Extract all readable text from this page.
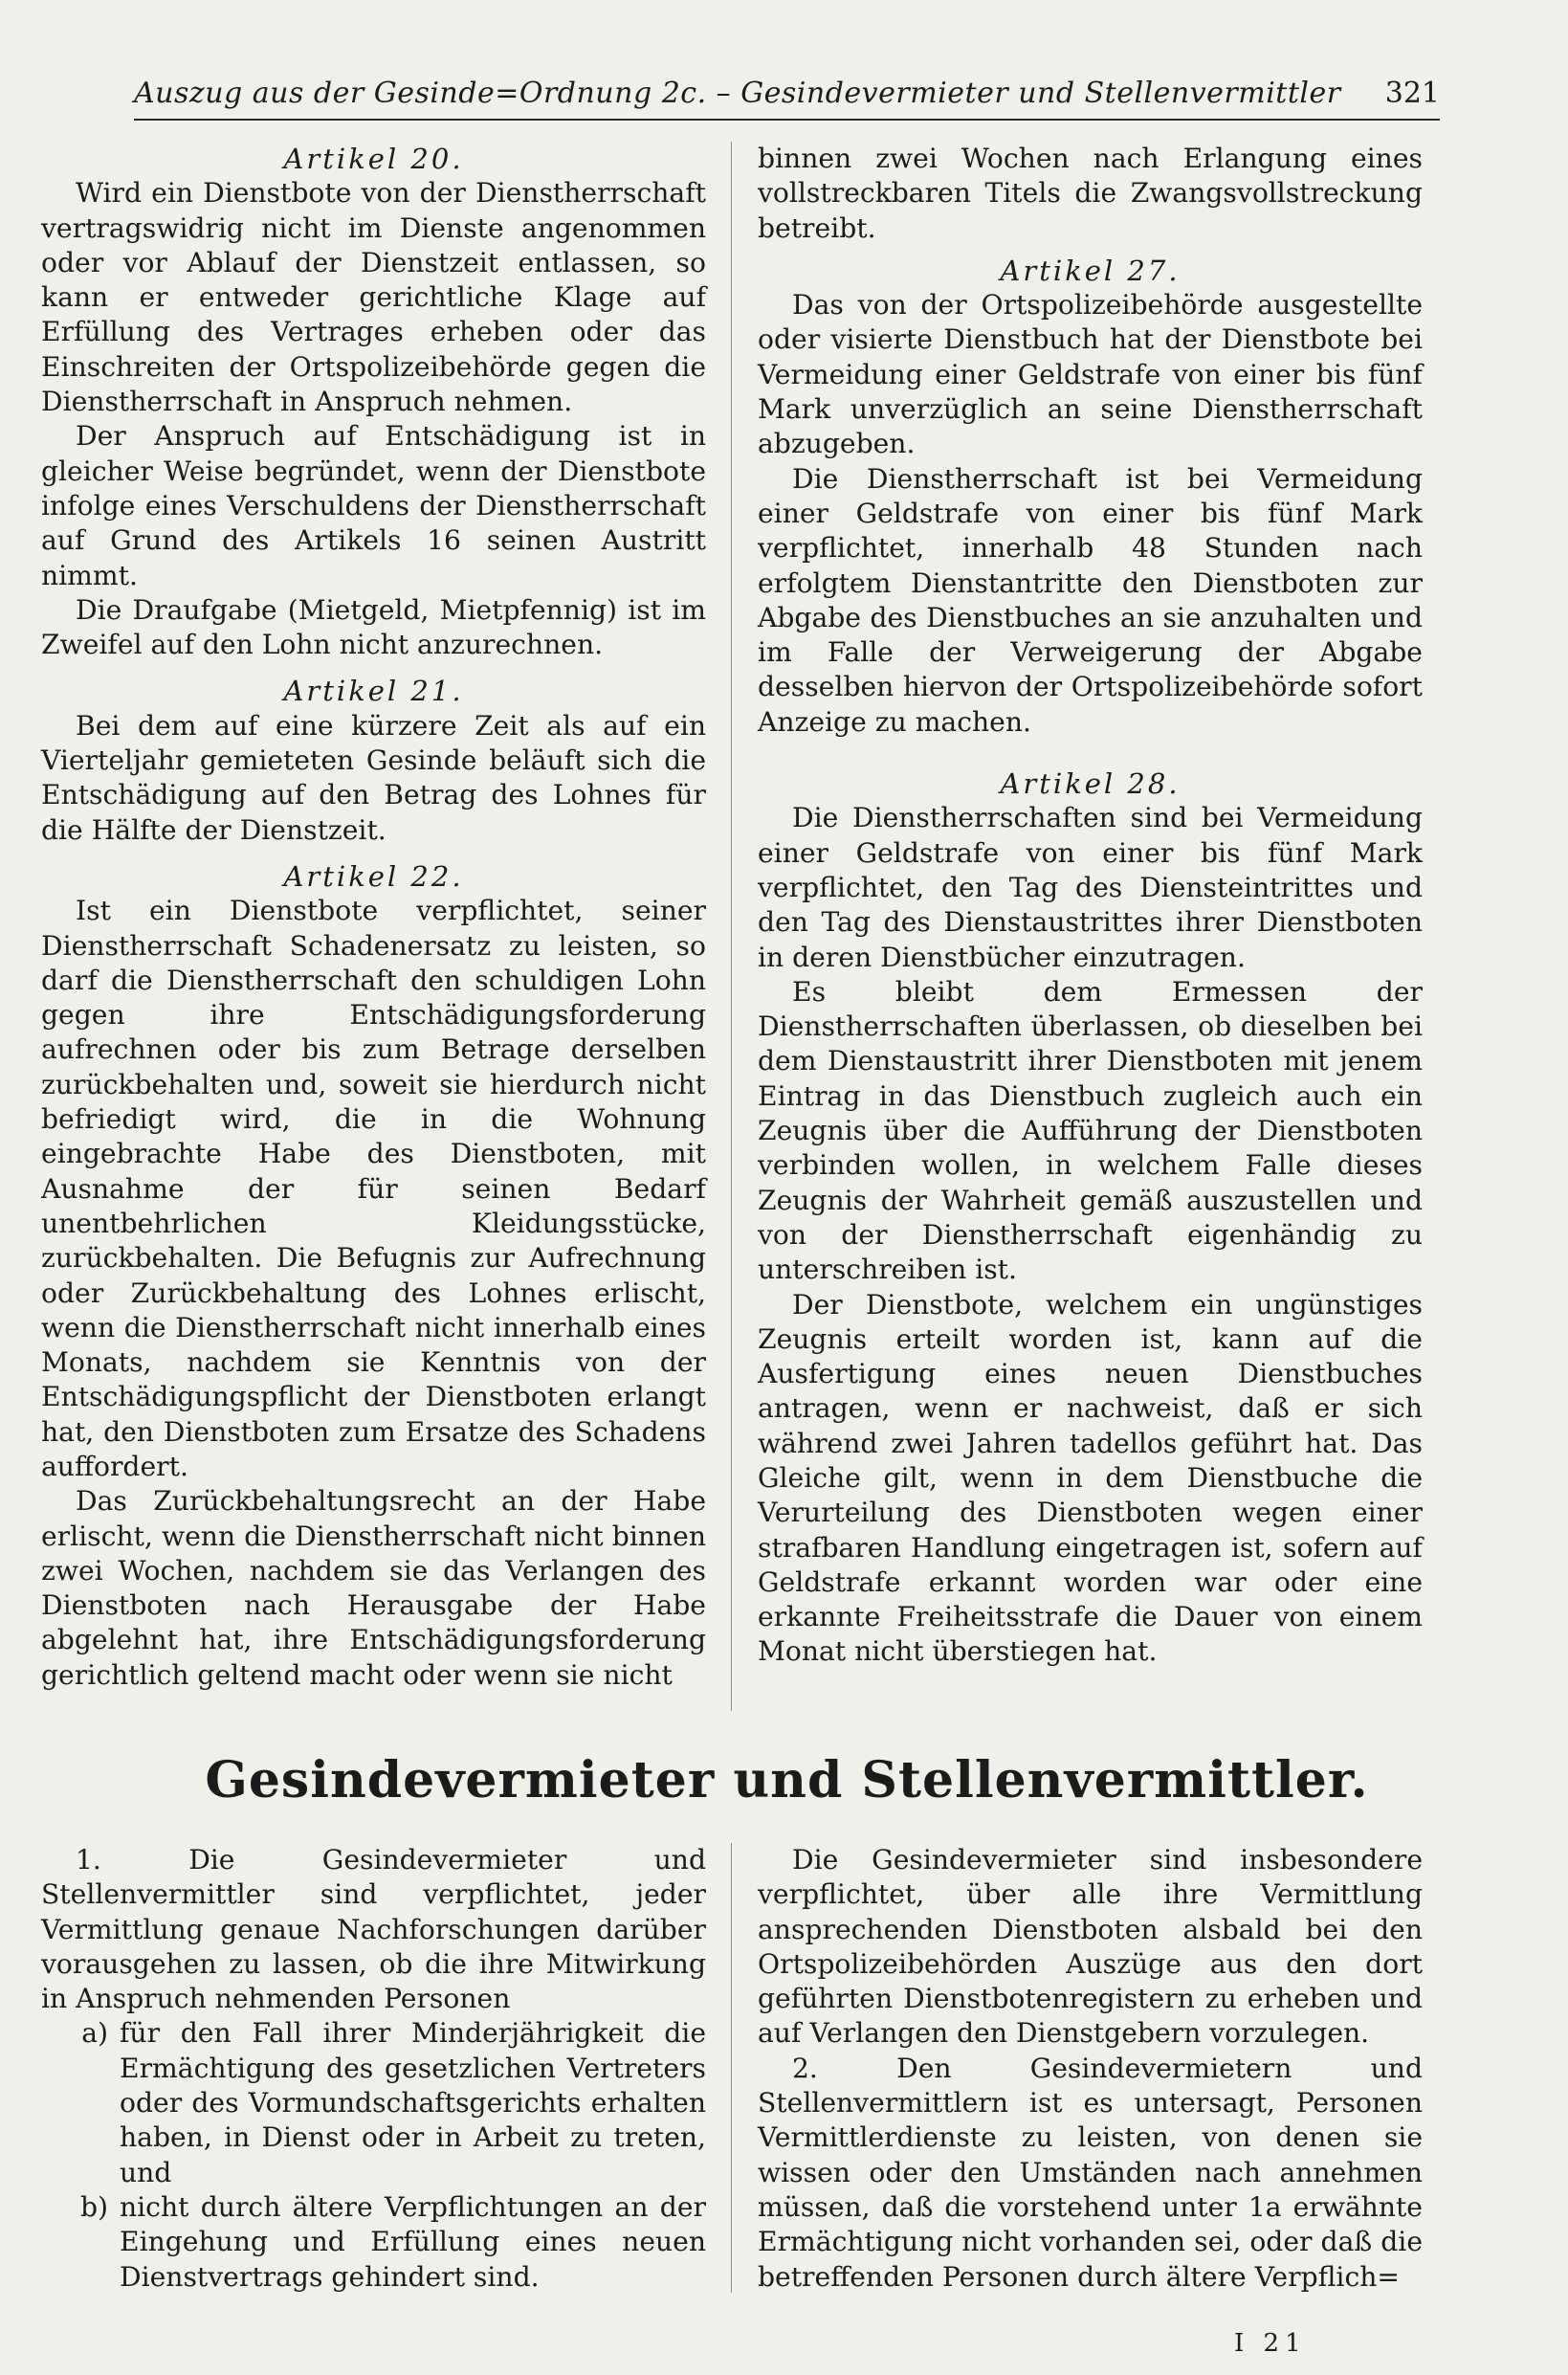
Auszug aus der Gesinde=Ordnung 2c. – Gesindevermieter und Stellenvermittler 321
Artikel 20.

Wird ein Dienstbote von der Dienstherrschaft vertragswidrig nicht im Dienste angenommen oder vor Ablauf der Dienstzeit entlassen, so kann er entweder gerichtliche Klage auf Erfüllung des Vertrages erheben oder das Einschreiten der Ortspolizeibehörde gegen die Dienstherrschaft in Anspruch nehmen.

Der Anspruch auf Entschädigung ist in gleicher Weise begründet, wenn der Dienstbote infolge eines Verschuldens der Dienstherrschaft auf Grund des Artikels 16 seinen Austritt nimmt.

Die Draufgabe (Mietgeld, Mietpfennig) ist im Zweifel auf den Lohn nicht anzurechnen.

Artikel 21.

Bei dem auf eine kürzere Zeit als auf ein Vierteljahr gemieteten Gesinde beläuft sich die Entschädigung auf den Betrag des Lohnes für die Hälfte der Dienstzeit.

Artikel 22.

Ist ein Dienstbote verpflichtet, seiner Dienstherrschaft Schadenersatz zu leisten, so darf die Dienstherrschaft den schuldigen Lohn gegen ihre Entschädigungsforderung aufrechnen oder bis zum Betrage derselben zurückbehalten und, soweit sie hierdurch nicht befriedigt wird, die in die Wohnung eingebrachte Habe des Dienstboten, mit Ausnahme der für seinen Bedarf unentbehrlichen Kleidungsstücke, zurückbehalten. Die Befugnis zur Aufrechnung oder Zurückbehaltung des Lohnes erlischt, wenn die Dienstherrschaft nicht innerhalb eines Monats, nachdem sie Kenntnis von der Entschädigungspflicht der Dienstboten erlangt hat, den Dienstboten zum Ersatze des Schadens auffordert.

Das Zurückbehaltungsrecht an der Habe erlischt, wenn die Dienstherrschaft nicht binnen zwei Wochen, nachdem sie das Verlangen des Dienstboten nach Herausgabe der Habe abgelehnt hat, ihre Entschädigungsforderung gerichtlich geltend macht oder wenn sie nicht

binnen zwei Wochen nach Erlangung eines vollstreckbaren Titels die Zwangsvollstreckung betreibt.

Artikel 27.

Das von der Ortspolizeibehörde ausgestellte oder visierte Dienstbuch hat der Dienstbote bei Vermeidung einer Geldstrafe von einer bis fünf Mark unverzüglich an seine Dienstherrschaft abzugeben.

Die Dienstherrschaft ist bei Vermeidung einer Geldstrafe von einer bis fünf Mark verpflichtet, innerhalb 48 Stunden nach erfolgtem Dienstantritte den Dienstboten zur Abgabe des Dienstbuches an sie anzuhalten und im Falle der Verweigerung der Abgabe desselben hiervon der Ortspolizeibehörde sofort Anzeige zu machen.

Artikel 28.

Die Dienstherrschaften sind bei Vermeidung einer Geldstrafe von einer bis fünf Mark verpflichtet, den Tag des Diensteintrittes und den Tag des Dienstaustrittes ihrer Dienstboten in deren Dienstbücher einzutragen.

Es bleibt dem Ermessen der Dienstherrschaften überlassen, ob dieselben bei dem Dienstaustritt ihrer Dienstboten mit jenem Eintrag in das Dienstbuch zugleich auch ein Zeugnis über die Aufführung der Dienstboten verbinden wollen, in welchem Falle dieses Zeugnis der Wahrheit gemäß auszustellen und von der Dienstherrschaft eigenhändig zu unterschreiben ist.

Der Dienstbote, welchem ein ungünstiges Zeugnis erteilt worden ist, kann auf die Ausfertigung eines neuen Dienstbuches antragen, wenn er nachweist, daß er sich während zwei Jahren tadellos geführt hat. Das Gleiche gilt, wenn in dem Dienstbuche die Verurteilung des Dienstboten wegen einer strafbaren Handlung eingetragen ist, sofern auf Geldstrafe erkannt worden war oder eine erkannte Freiheitsstrafe die Dauer von einem Monat nicht überstiegen hat.

Gesindevermieter und Stellenvermittler.

1. Die Gesindevermieter und Stellenvermittler sind verpflichtet, jeder Vermittlung genaue Nachforschungen darüber vorausgehen zu lassen, ob die ihre Mitwirkung in Anspruch nehmenden Personen

a) für den Fall ihrer Minderjährigkeit die Ermächtigung des gesetzlichen Vertreters oder des Vormundschaftsgerichts erhalten haben, in Dienst oder in Arbeit zu treten, und
b) nicht durch ältere Verpflichtungen an der Eingehung und Erfüllung eines neuen Dienstvertrags gehindert sind.

Die Gesindevermieter sind insbesondere verpflichtet, über alle ihre Vermittlung ansprechenden Dienstboten alsbald bei den Ortspolizeibehörden Auszüge aus den dort geführten Dienstbotenregistern zu erheben und auf Verlangen den Dienstgebern vorzulegen.

2. Den Gesindevermietern und Stellenvermittlern ist es untersagt, Personen Vermittlerdienste zu leisten, von denen sie wissen oder den Umständen nach annehmen müssen, daß die vorstehend unter 1a erwähnte Ermächtigung nicht vorhanden sei, oder daß die betreffenden Personen durch ältere Verpflich=

I 21
